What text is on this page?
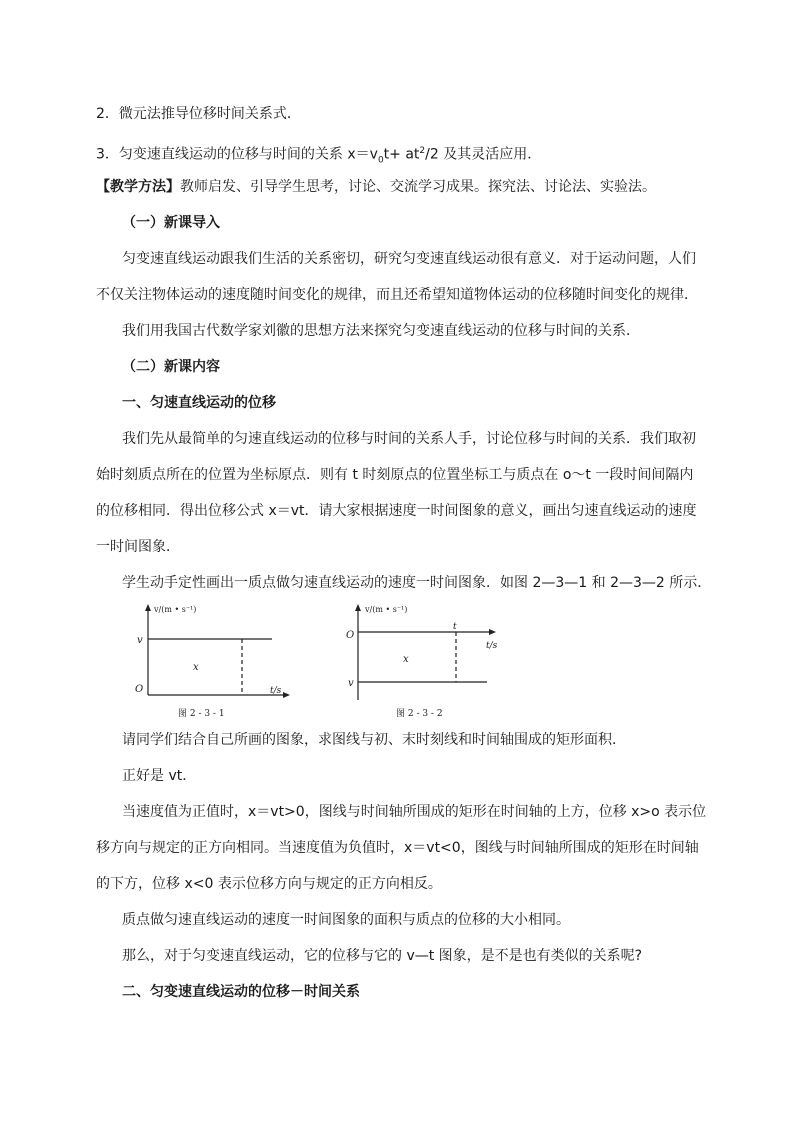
2．微元法推导位移时间关系式．
3．匀变速直线运动的位移与时间的关系 $x=v_0t+ at^2/2$ 及其灵活应用．
【教学方法】教师启发、引导学生思考，讨论、交流学习成果。探究法、讨论法、实验法。
（一）新课导入
匀变速直线运动跟我们生活的关系密切，研究匀变速直线运动很有意义．对于运动问题，人们
不仅关注物体运动的速度随时间变化的规律，而且还希望知道物体运动的位移随时间变化的规律．
我们用我国古代数学家刘徽的思想方法来探究匀变速直线运动的位移与时间的关系．
（二）新课内容
一、匀速直线运动的位移
我们先从最简单的匀速直线运动的位移与时间的关系人手，讨论位移与时间的关系．我们取初
始时刻质点所在的位置为坐标原点．则有 t 时刻原点的位置坐标工与质点在 o～t 一段时间间隔内
的位移相同．得出位移公式 x＝vt．请大家根据速度一时间图象的意义，画出匀速直线运动的速度
一时间图象．
学生动手定性画出一质点做匀速直线运动的速度一时间图象．如图 2—3—1 和 2—3—2 所示．
v/(m • s⁻¹)
v
x
O	t/s
图 2 - 3 - 1
v/(m • s⁻¹)
O
t
t/s
x
v
图 2 - 3 - 2
请同学们结合自己所画的图象，求图线与初、末时刻线和时间轴围成的矩形面积．
正好是 vt．
当速度值为正值时，x＝vt>0，图线与时间轴所围成的矩形在时间轴的上方，位移 x>o 表示位
移方向与规定的正方向相同。当速度值为负值时，x＝vt<0，图线与时间轴所围成的矩形在时间轴
的下方，位移 x<0 表示位移方向与规定的正方向相反。
质点做匀速直线运动的速度一时间图象的面积与质点的位移的大小相同。
那么，对于匀变速直线运动，它的位移与它的 v—t 图象，是不是也有类似的关系呢?
二、匀变速直线运动的位移－时间关系
